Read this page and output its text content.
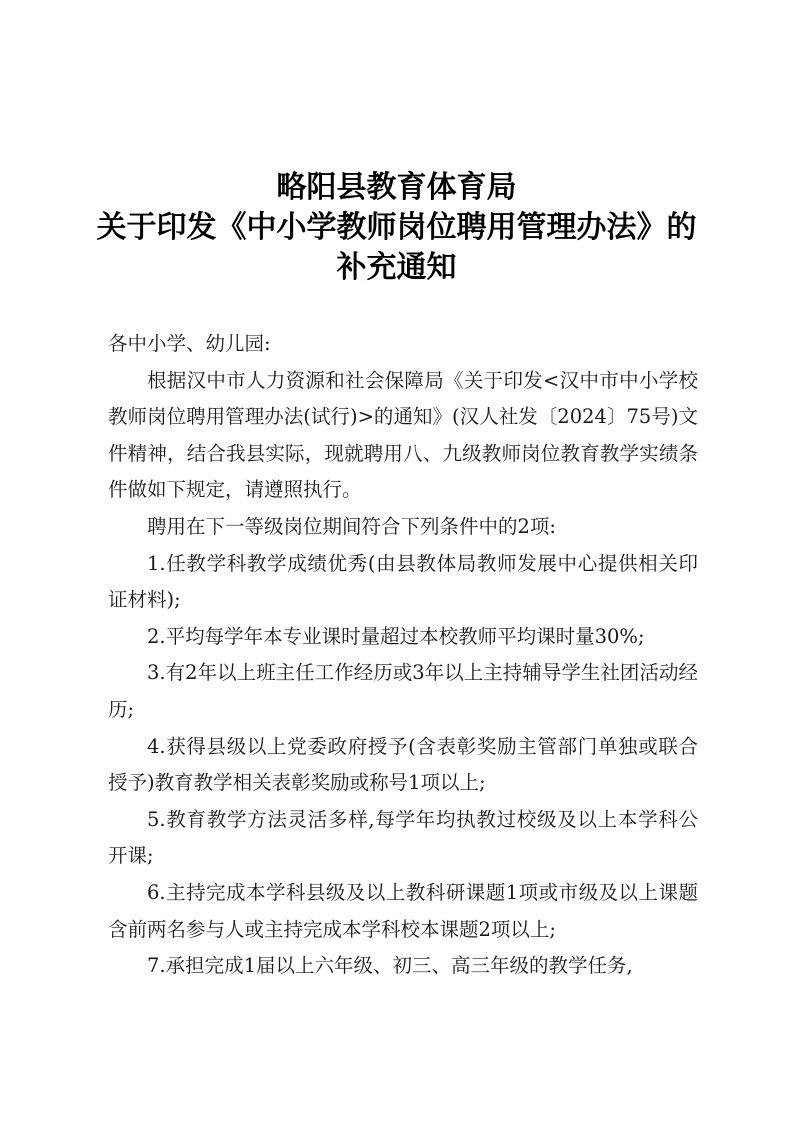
略阳县教育体育局
关于印发《中小学教师岗位聘用管理办法》的
补充通知

各中小学、幼儿园:

根据汉中市人力资源和社会保障局《关于印发<汉中市中小学校教师岗位聘用管理办法(试行)>的通知》(汉人社发〔2024〕75号)文件精神，结合我县实际，现就聘用八、九级教师岗位教育教学实绩条件做如下规定，请遵照执行。

聘用在下一等级岗位期间符合下列条件中的2项:

1.任教学科教学成绩优秀(由县教体局教师发展中心提供相关印证材料);

2.平均每学年本专业课时量超过本校教师平均课时量30%;

3.有2年以上班主任工作经历或3年以上主持辅导学生社团活动经历;

4.获得县级以上党委政府授予(含表彰奖励主管部门单独或联合授予)教育教学相关表彰奖励或称号1项以上;

5.教育教学方法灵活多样,每学年均执教过校级及以上本学科公开课;

6.主持完成本学科县级及以上教科研课题1项或市级及以上课题含前两名参与人或主持完成本学科校本课题2项以上;

7.承担完成1届以上六年级、初三、高三年级的教学任务,
